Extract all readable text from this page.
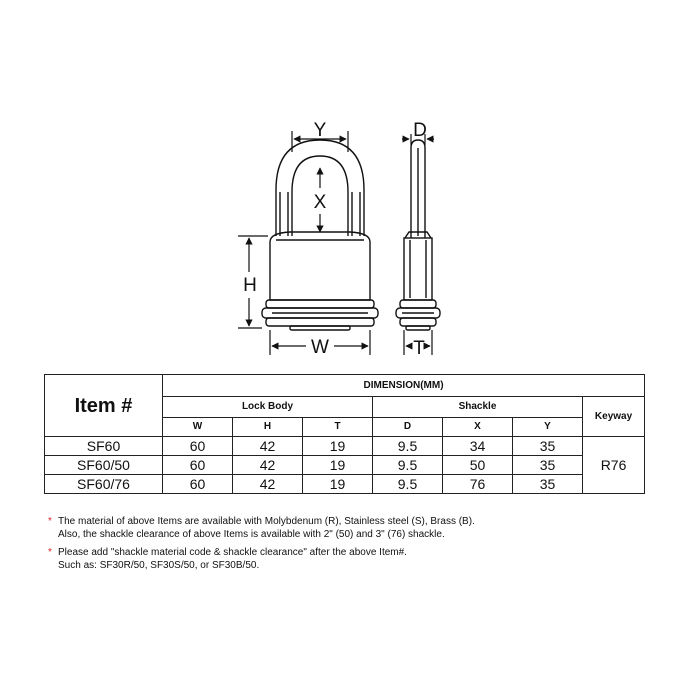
Y
X
H
W
D
T
Item #	DIMENSION(MM)						
	Lock Body			Shackle			Keyway
	W	H	T	D	X	Y	
SF60	60	42	19	9.5	34	35	R76
SF60/50	60	42	19	9.5	50	35	
SF60/76	60	42	19	9.5	76	35	
* The material of above Items are available with Molybdenum (R), Stainless steel (S), Brass (B).
Also, the shackle clearance of above Items is available with 2" (50) and 3" (76) shackle.
* Please add "shackle material code & shackle clearance" after the above Item#.
Such as: SF30R/50, SF30S/50, or SF30B/50.
